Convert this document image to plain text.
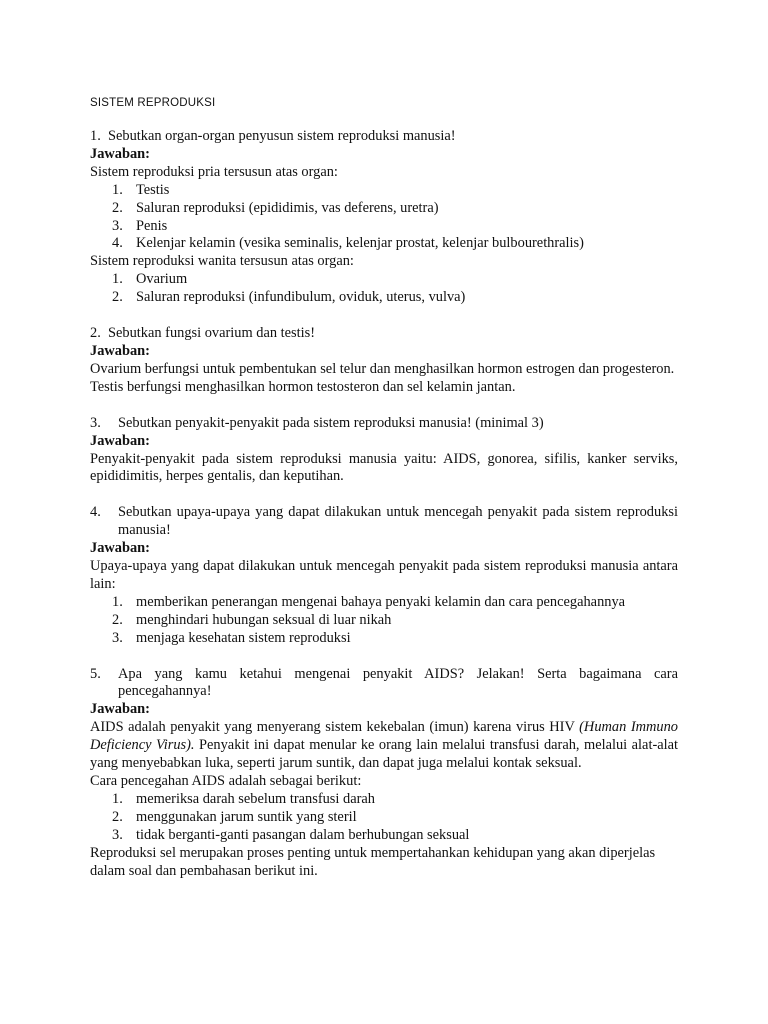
SISTEM REPRODUKSI
1. Sebutkan organ-organ penyusun sistem reproduksi manusia!
Jawaban:
Sistem reproduksi pria tersusun atas organ:
1. Testis
2. Saluran reproduksi (epididimis, vas deferens, uretra)
3. Penis
4. Kelenjar kelamin (vesika seminalis, kelenjar prostat, kelenjar bulbourethralis)
Sistem reproduksi wanita tersusun atas organ:
1. Ovarium
2. Saluran reproduksi (infundibulum, oviduk, uterus, vulva)
2. Sebutkan fungsi ovarium dan testis!
Jawaban:
Ovarium berfungsi untuk pembentukan sel telur dan menghasilkan hormon estrogen dan progesteron.
Testis berfungsi menghasilkan hormon testosteron dan sel kelamin jantan.
3. Sebutkan penyakit-penyakit pada sistem reproduksi manusia! (minimal 3)
Jawaban:
Penyakit-penyakit pada sistem reproduksi manusia yaitu: AIDS, gonorea, sifilis, kanker serviks, epididimitis, herpes gentalis, dan keputihan.
4. Sebutkan upaya-upaya yang dapat dilakukan untuk mencegah penyakit pada sistem reproduksi manusia!
Jawaban:
Upaya-upaya yang dapat dilakukan untuk mencegah penyakit pada sistem reproduksi manusia antara lain:
1. memberikan penerangan mengenai bahaya penyaki kelamin dan cara pencegahannya
2. menghindari hubungan seksual di luar nikah
3. menjaga kesehatan sistem reproduksi
5. Apa yang kamu ketahui mengenai penyakit AIDS? Jelakan! Serta bagaimana cara pencegahannya!
Jawaban:
AIDS adalah penyakit yang menyerang sistem kekebalan (imun) karena virus HIV (Human Immuno Deficiency Virus). Penyakit ini dapat menular ke orang lain melalui transfusi darah, melalui alat-alat yang menyebabkan luka, seperti jarum suntik, dan dapat juga melalui kontak seksual.
Cara pencegahan AIDS adalah sebagai berikut:
1. memeriksa darah sebelum transfusi darah
2. menggunakan jarum suntik yang steril
3. tidak berganti-ganti pasangan dalam berhubungan seksual
Reproduksi sel merupakan proses penting untuk mempertahankan kehidupan yang akan diperjelas dalam soal dan pembahasan berikut ini.
